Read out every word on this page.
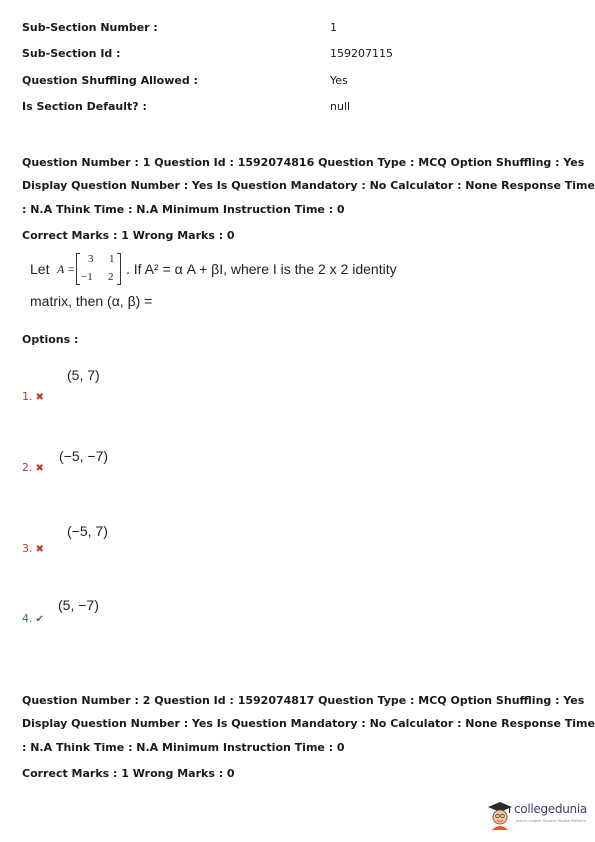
Sub-Section Number :	1
Sub-Section Id :	159207115
Question Shuffling Allowed :	Yes
Is Section Default? :	null
Question Number : 1 Question Id : 1592074816 Question Type : MCQ Option Shuffling : Yes
Display Question Number : Yes Is Question Mandatory : No Calculator : None Response Time
: N.A Think Time : N.A Minimum Instruction Time : 0
Correct Marks : 1 Wrong Marks : 0
Let A =
3 1
−1 2 . If A² = α A + βI, where I is the 2 x 2 identity
matrix, then (α, β) =
Options :
(5, 7)
1. ✖
(−5, −7)
2. ✖
(−5, 7)
3. ✖
(5, −7)
4. ✔
Question Number : 2 Question Id : 1592074817 Question Type : MCQ Option Shuffling : Yes
Display Question Number : Yes Is Question Mandatory : No Calculator : None Response Time
: N.A Think Time : N.A Minimum Instruction Time : 0
Correct Marks : 1 Wrong Marks : 0
collegedunia
India's Largest Student Review Platform
